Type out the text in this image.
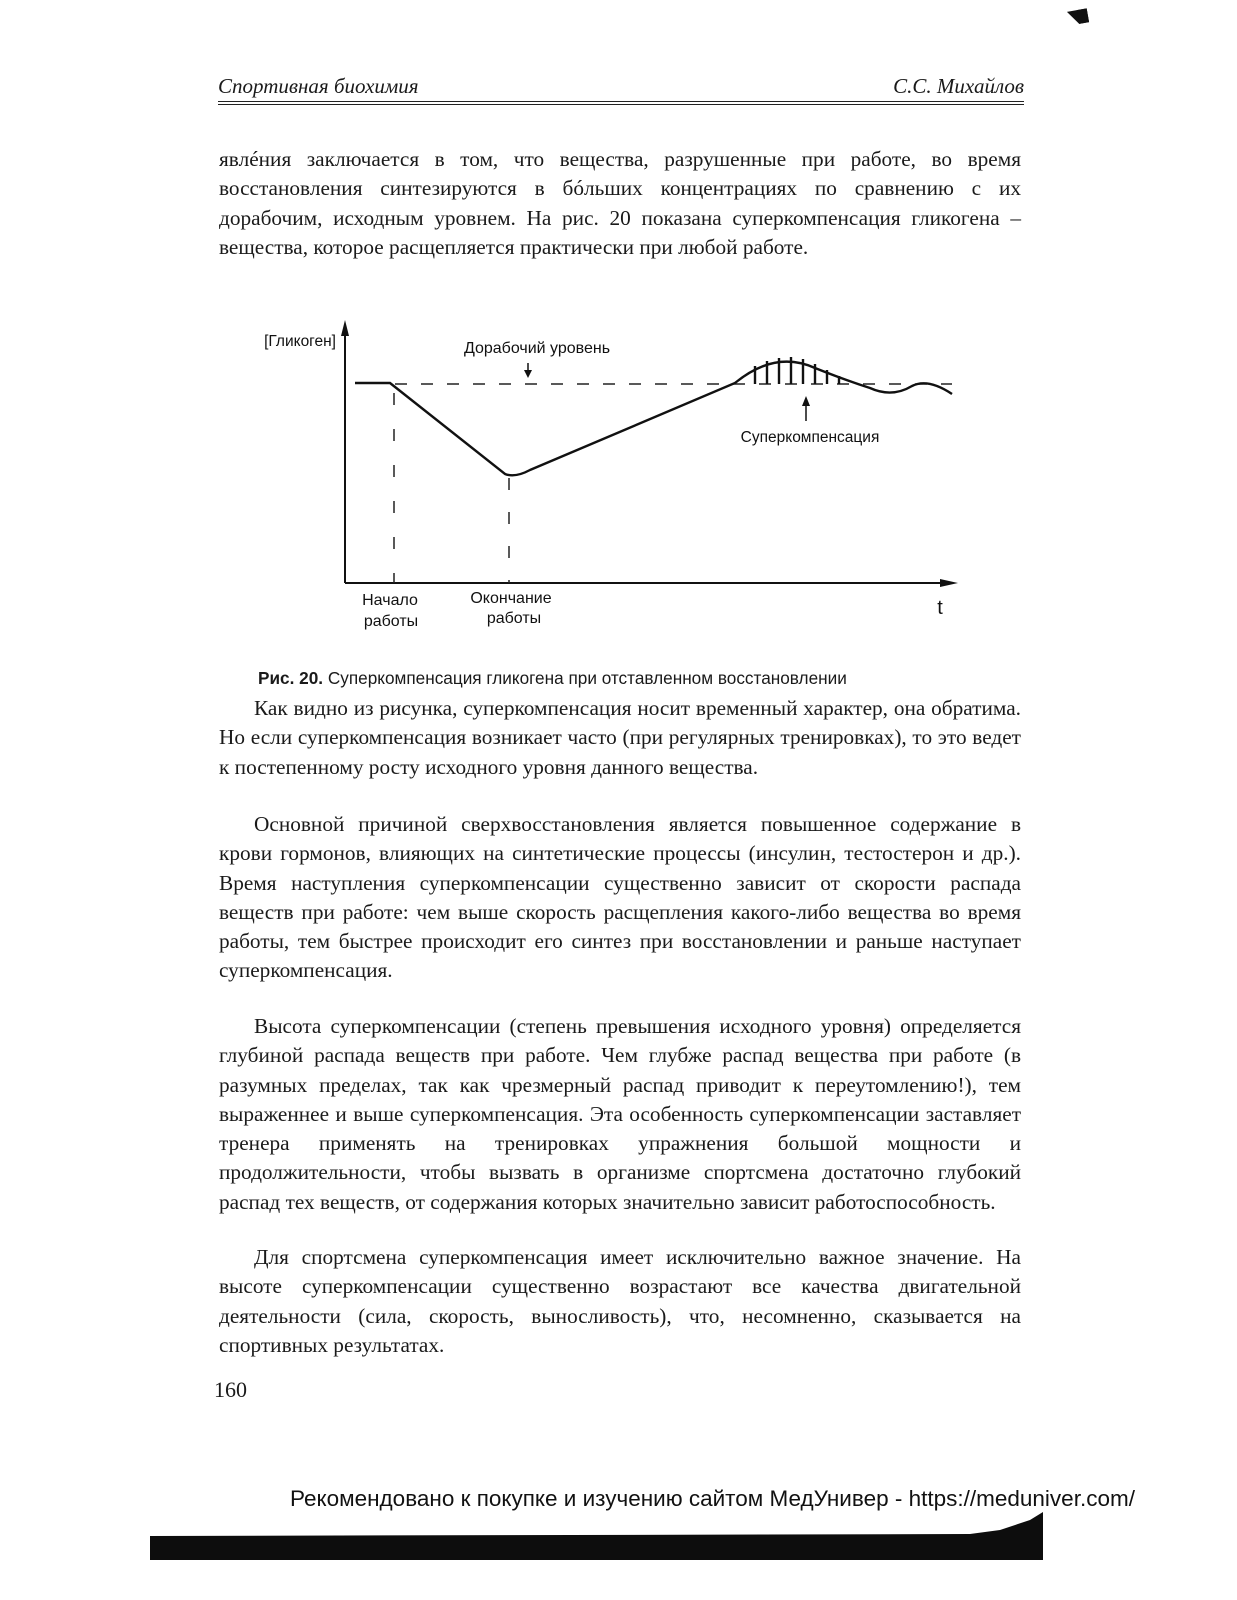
Спортивная биохимия	С.С. Михайлов

явлéния заключается в том, что вещества, разрушенные при работе, во время восстановления синтезируются в бóльших концентрациях по сравнению с их дорабочим, исходным уровнем. На рис. 20 показана суперкомпенсация гликогена – вещества, которое расщепляется практически при любой работе.

[Гликоген]	Дорабочий уровень
Суперкомпенсация
Начало
работы
Окончание
работы	t
Рис. 20. Суперкомпенсация гликогена при отставленном восстановлении

Как видно из рисунка, суперкомпенсация носит временный характер, она обратима. Но если суперкомпенсация возникает часто (при регулярных тренировках), то это ведет к постепенному росту исходного уровня данного вещества.

Основной причиной сверхвосстановления является повышенное содержание в крови гормонов, влияющих на синтетические процессы (инсулин, тестостерон и др.). Время наступления суперкомпенсации существенно зависит от скорости распада веществ при работе: чем выше скорость расщепления какого-либо вещества во время работы, тем быстрее происходит его синтез при восстановлении и раньше наступает суперкомпенсация.

Высота суперкомпенсации (степень превышения исходного уровня) определяется глубиной распада веществ при работе. Чем глубже распад вещества при работе (в разумных пределах, так как чрезмерный распад приводит к переутомлению!), тем выраженнее и выше суперкомпенсация. Эта особенность суперкомпенсации заставляет тренера применять на тренировках упражнения большой мощности и продолжительности, чтобы вызвать в организме спортсмена достаточно глубокий распад тех веществ, от содержания которых значительно зависит работоспособность.

Для спортсмена суперкомпенсация имеет исключительно важное значение. На высоте суперкомпенсации существенно возрастают все качества двигательной деятельности (сила, скорость, выносливость), что, несомненно, сказывается на спортивных результатах.

160
Рекомендовано к покупке и изучению сайтом МедУнивер - https://meduniver.com/
